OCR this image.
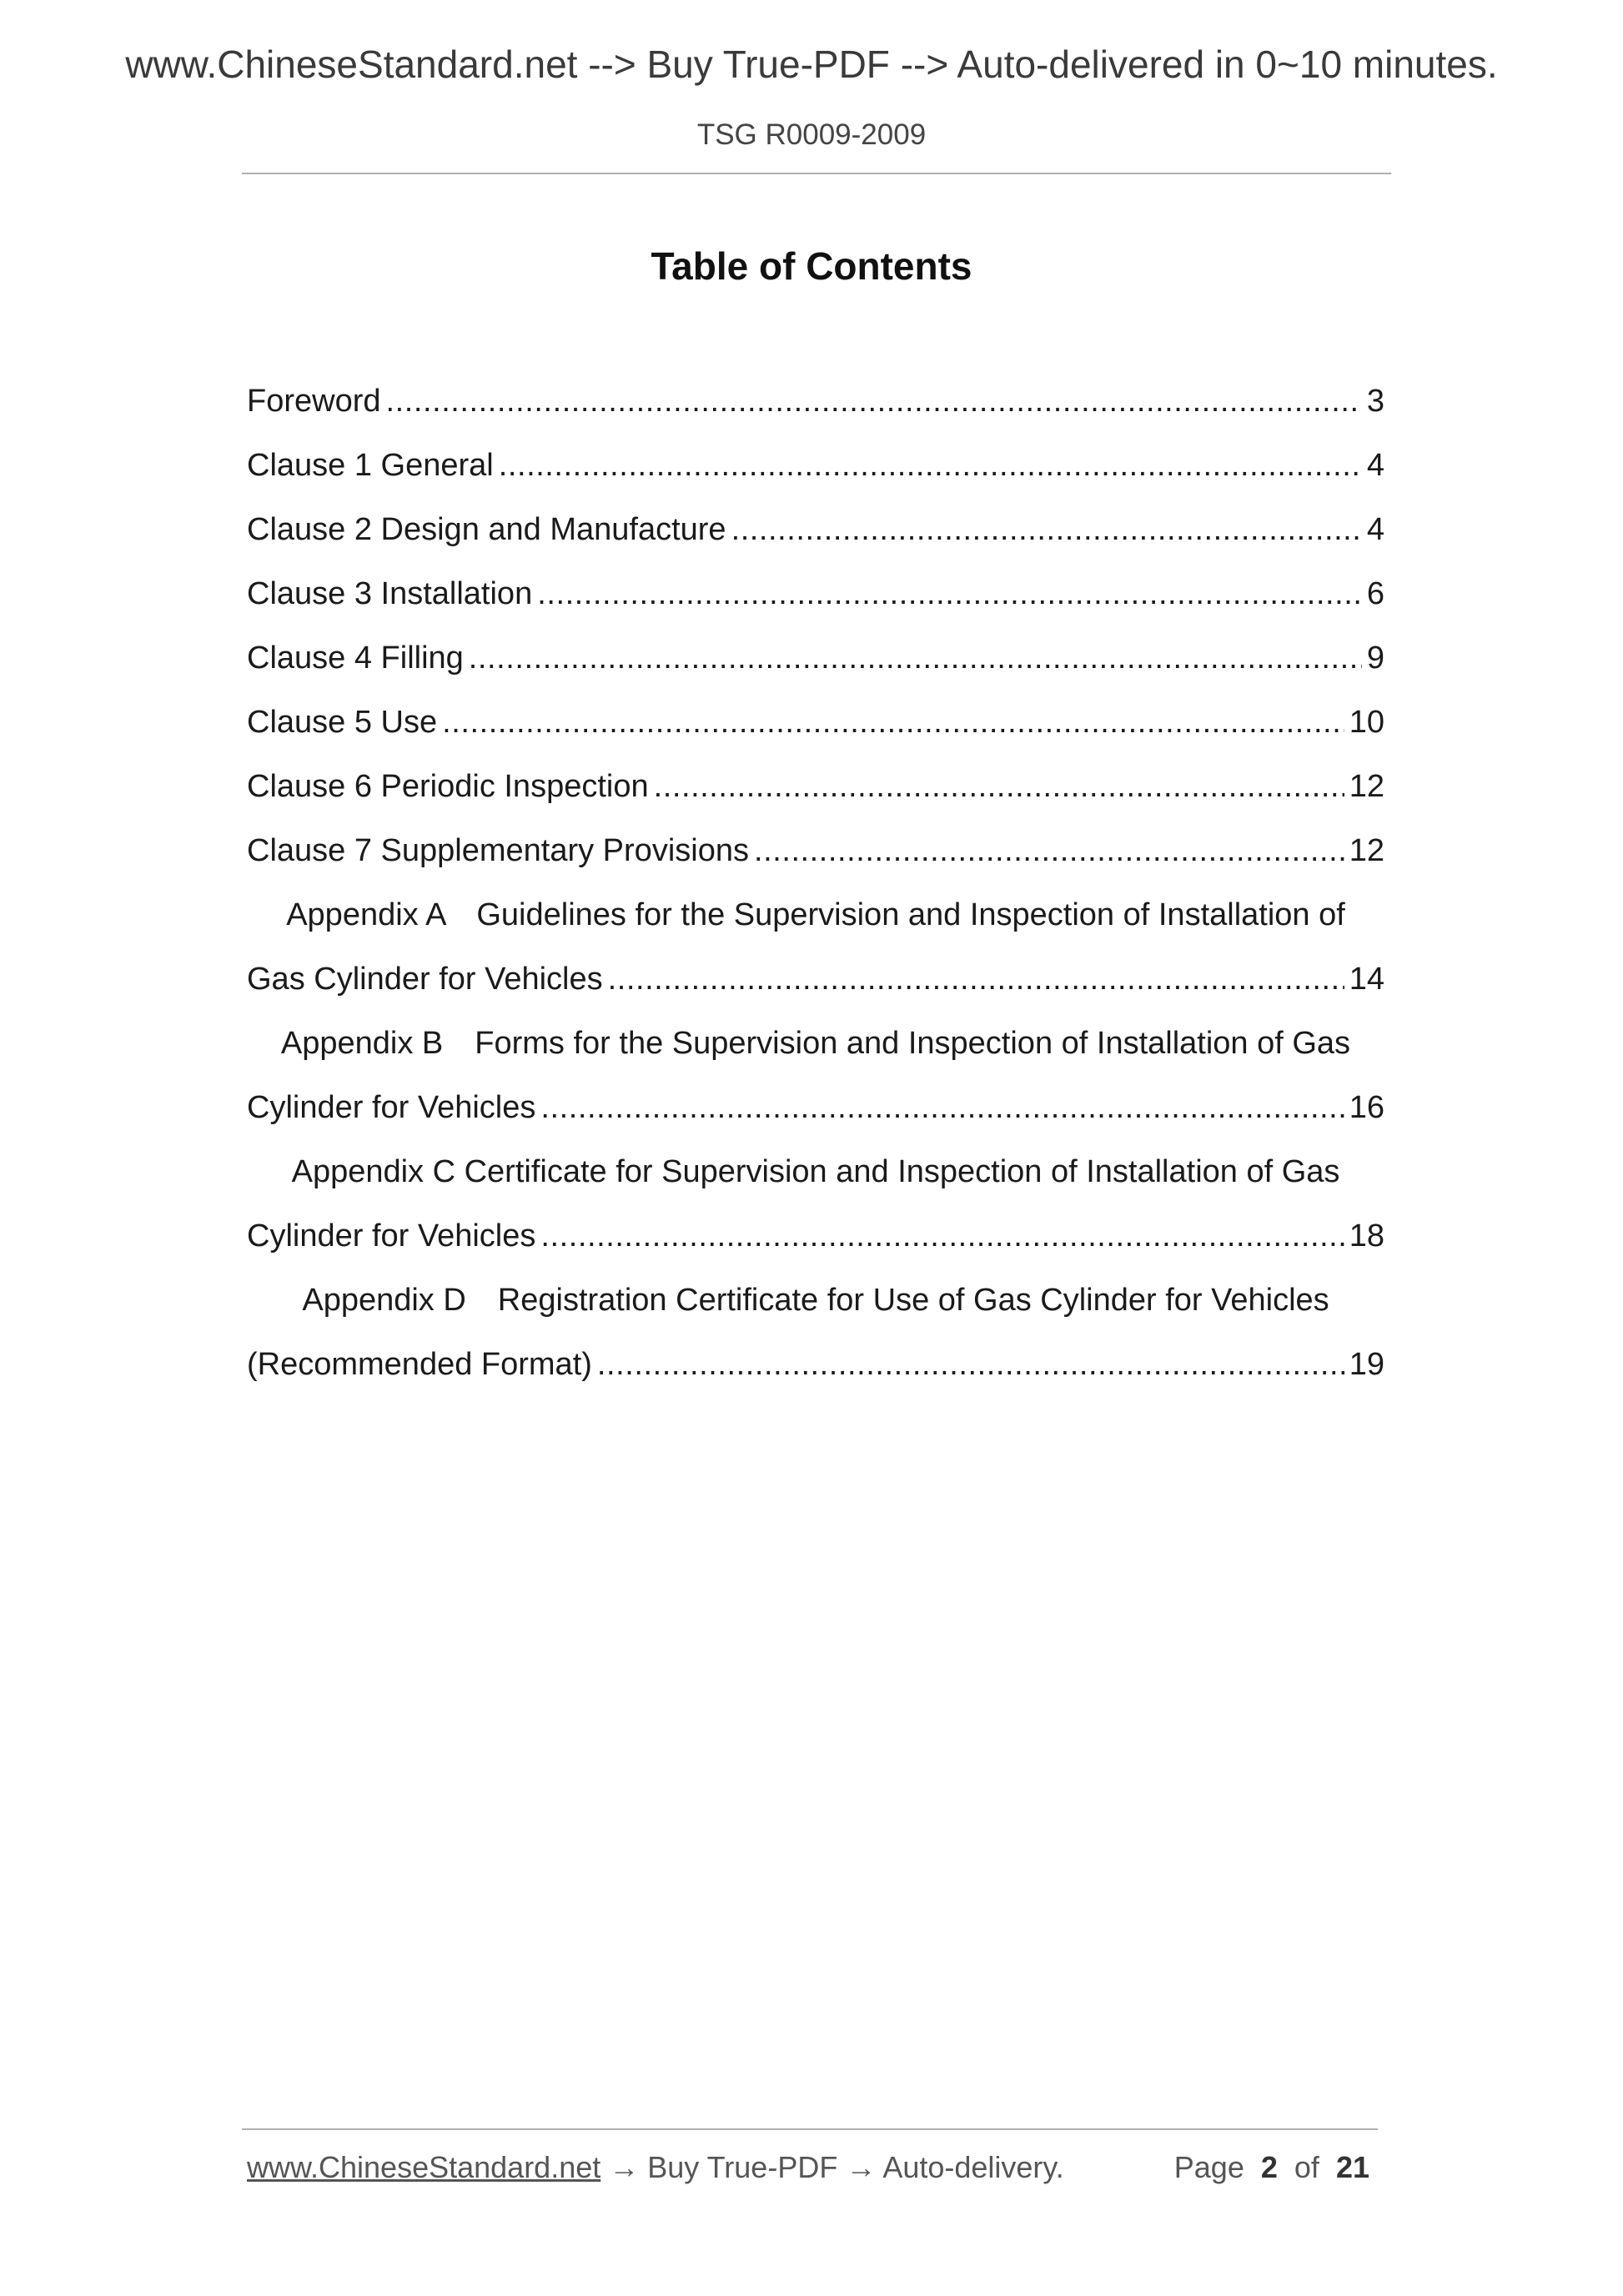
www.ChineseStandard.net --> Buy True-PDF --> Auto-delivered in 0~10 minutes.
TSG R0009-2009
Table of Contents
Foreword . . .	3
Clause 1 General . . .	4
Clause 2 Design and Manufacture . . .	4
Clause 3 Installation . . .	6
Clause 4 Filling . . .	9
Clause 5 Use . . .	10
Clause 6 Periodic Inspection . . .	12
Clause 7 Supplementary Provisions . . .	12
Appendix A　Guidelines for the Supervision and Inspection of Installation of
Gas Cylinder for Vehicles . . .	14
Appendix B　Forms for the Supervision and Inspection of Installation of Gas
Cylinder for Vehicles . . .	16
Appendix C Certificate for Supervision and Inspection of Installation of Gas
Cylinder for Vehicles . . .	18
Appendix D　Registration Certificate for Use of Gas Cylinder for Vehicles
(Recommended Format) . . .	19
www.ChineseStandard.net → Buy True-PDF → Auto-delivery.	Page 2 of 21
